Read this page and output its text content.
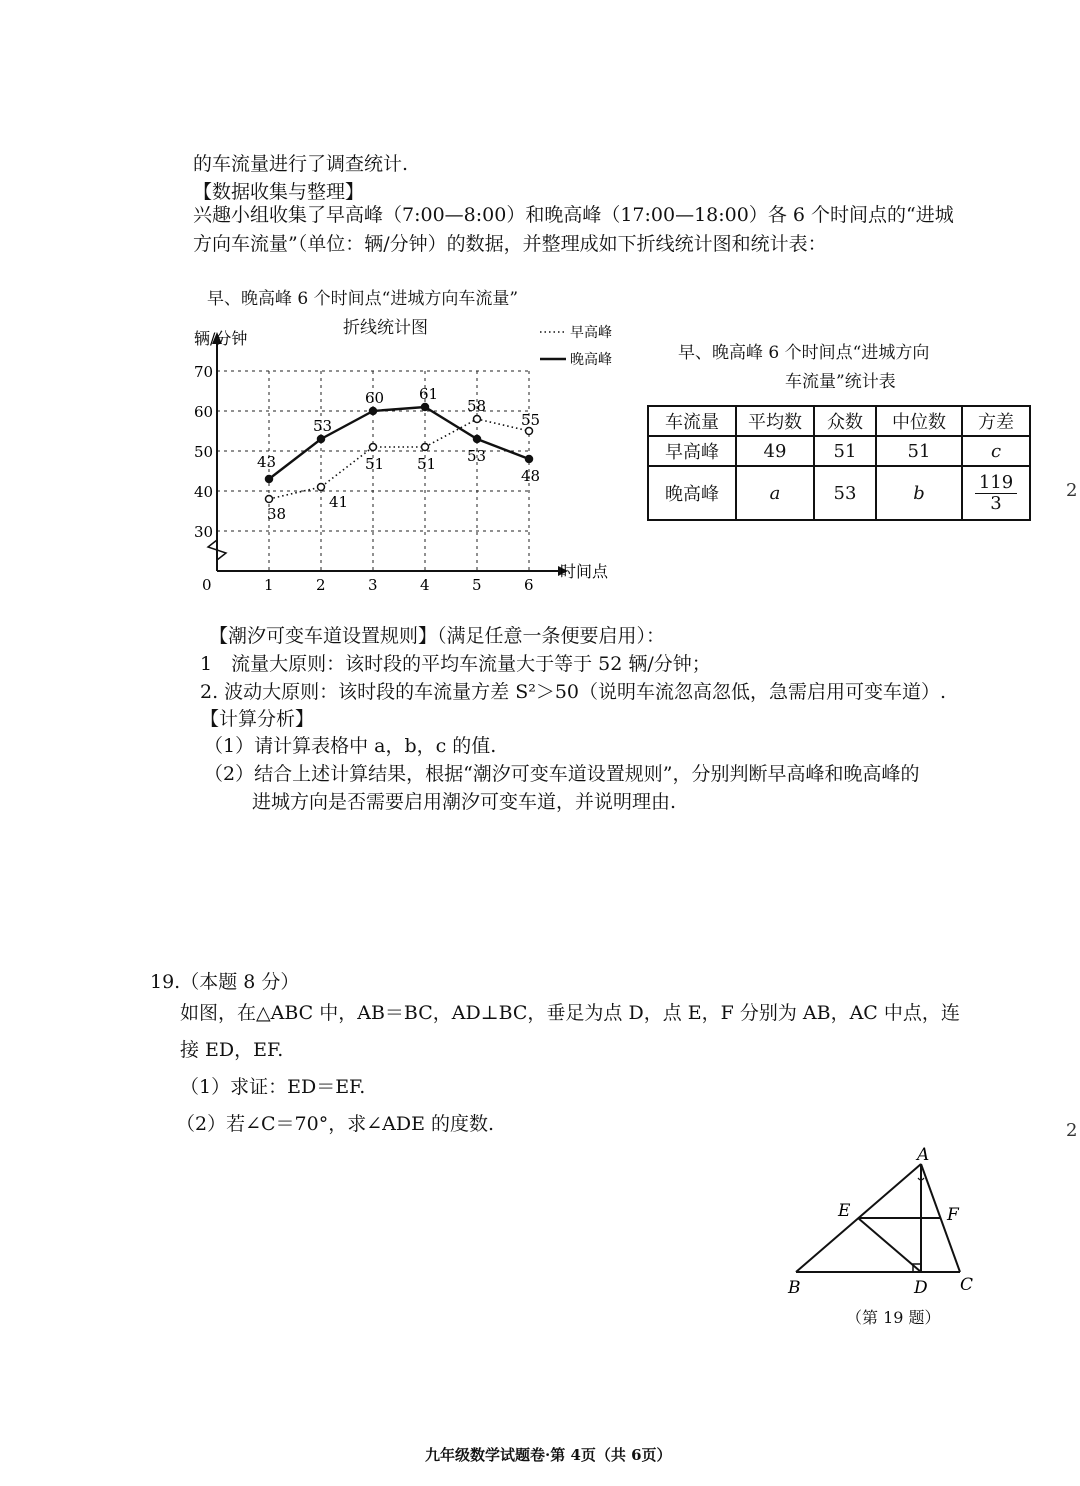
的车流量进行了调查统计.
【数据收集与整理】
兴趣小组收集了早高峰（7:00—8:00）和晚高峰（17:00—18:00）各 6 个时间点的“进城
方向车流量”（单位：辆/分钟）的数据，并整理成如下折线统计图和统计表：
早、晚高峰 6 个时间点“进城方向车流量”
折线统计图
30
40
50
60
70
1	2	3	4	5	6
0
辆/分钟
时间点
38
41
51 51
58
55
43
53
60 61
53
48
早高峰
晚高峰	早、晚高峰 6 个时间点“进城方向
车流量”统计表
车流量	平均数	众数	中位数	方差
早高峰	49	51	51	c
晚高峰	a	53	b	$\frac{119}{3}$
【潮汐可变车道设置规则】（满足任意一条便要启用）：
1　流量大原则：该时段的平均车流量大于等于 52 辆/分钟；
2. 波动大原则：该时段的车流量方差 S²＞50（说明车流忽高忽低，急需启用可变车道）.
【计算分析】
（1）请计算表格中 a，b，c 的值.
（2）结合上述计算结果，根据“潮汐可变车道设置规则”，分别判断早高峰和晚高峰的
进城方向是否需要启用潮汐可变车道，并说明理由.
19.（本题 8 分）
如图，在△ABC 中，AB＝BC，AD⊥BC，垂足为点 D，点 E，F 分别为 AB，AC 中点，连
接 ED，EF.
（1）求证：ED＝EF.
（2）若∠C＝70°，求∠ADE 的度数.
A
B	C
D
E	F
（第 19 题）
九年级数学试题卷·第 4页（共 6页）
2
2
